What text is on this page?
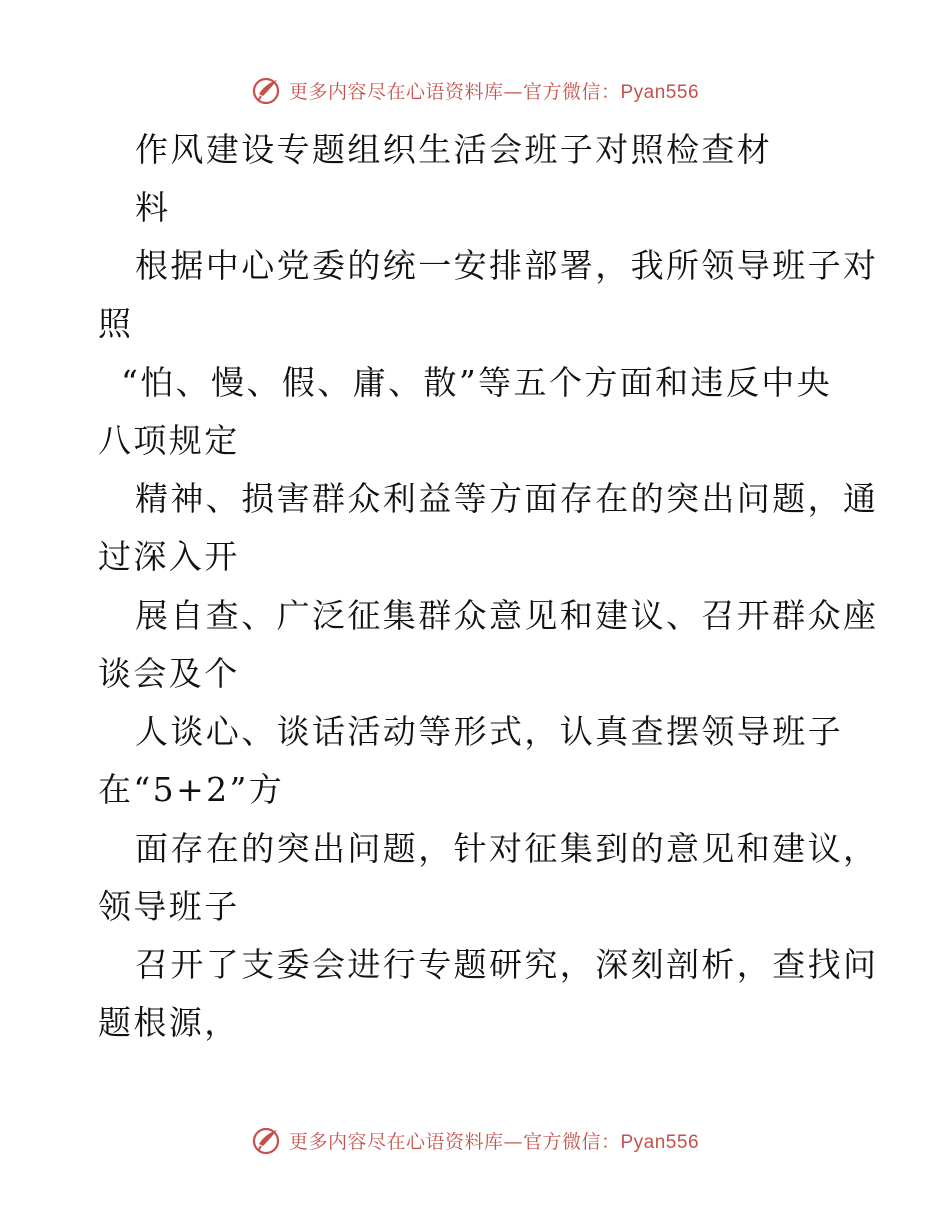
更多内容尽在心语资料库—官方微信：Pyan556
作风建设专题组织生活会班子对照检查材
料
根据中心党委的统一安排部署，我所领导班子对
照
“怕、慢、假、庸、散”等五个方面和违反中央
八项规定
精神、损害群众利益等方面存在的突出问题，通
过深入开
展自查、广泛征集群众意见和建议、召开群众座
谈会及个
人谈心、谈话活动等形式，认真查摆领导班子
在“5+2”方
面存在的突出问题，针对征集到的意见和建议，
领导班子
召开了支委会进行专题研究，深刻剖析，查找问
题根源，
更多内容尽在心语资料库—官方微信：Pyan556
